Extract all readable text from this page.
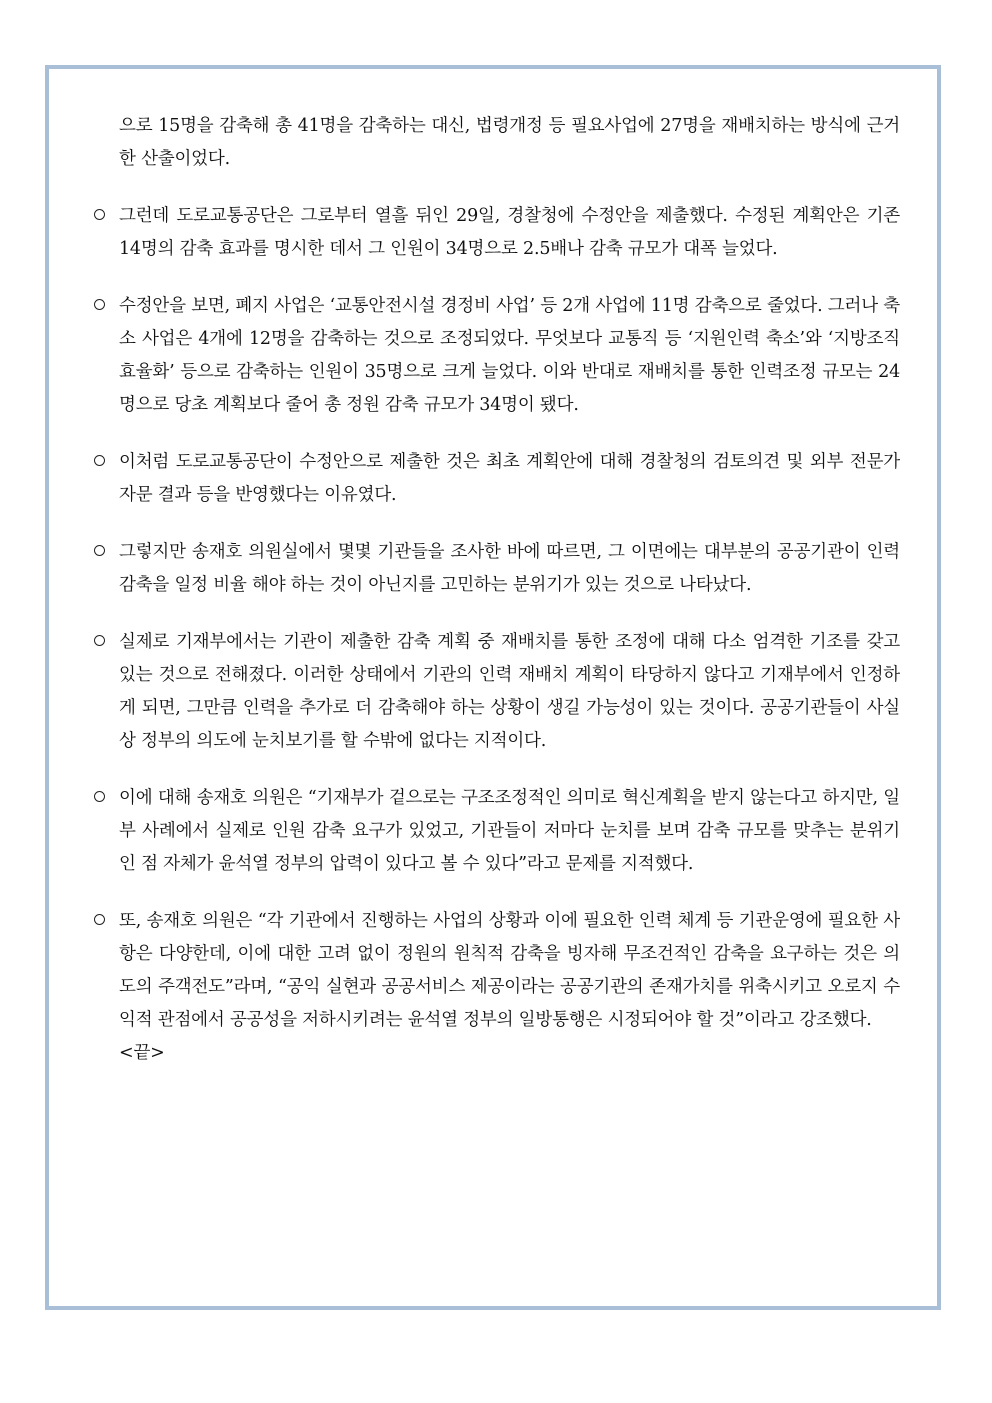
으로 15명을 감축해 총 41명을 감축하는 대신, 법령개정 등 필요사업에 27명을 재배치하는 방식에 근거한 산출이었다.

그런데 도로교통공단은 그로부터 열흘 뒤인 29일, 경찰청에 수정안을 제출했다. 수정된 계획안은 기존 14명의 감축 효과를 명시한 데서 그 인원이 34명으로 2.5배나 감축 규모가 대폭 늘었다.

수정안을 보면, 폐지 사업은 ‘교통안전시설 경정비 사업’ 등 2개 사업에 11명 감축으로 줄었다. 그러나 축소 사업은 4개에 12명을 감축하는 것으로 조정되었다. 무엇보다 교통직 등 ‘지원인력 축소’와 ‘지방조직 효율화’ 등으로 감축하는 인원이 35명으로 크게 늘었다. 이와 반대로 재배치를 통한 인력조정 규모는 24명으로 당초 계획보다 줄어 총 정원 감축 규모가 34명이 됐다.

이처럼 도로교통공단이 수정안으로 제출한 것은 최초 계획안에 대해 경찰청의 검토의견 및 외부 전문가 자문 결과 등을 반영했다는 이유였다.

그렇지만 송재호 의원실에서 몇몇 기관들을 조사한 바에 따르면, 그 이면에는 대부분의 공공기관이 인력 감축을 일정 비율 해야 하는 것이 아닌지를 고민하는 분위기가 있는 것으로 나타났다.

실제로 기재부에서는 기관이 제출한 감축 계획 중 재배치를 통한 조정에 대해 다소 엄격한 기조를 갖고 있는 것으로 전해졌다. 이러한 상태에서 기관의 인력 재배치 계획이 타당하지 않다고 기재부에서 인정하게 되면, 그만큼 인력을 추가로 더 감축해야 하는 상황이 생길 가능성이 있는 것이다. 공공기관들이 사실상 정부의 의도에 눈치보기를 할 수밖에 없다는 지적이다.

이에 대해 송재호 의원은 “기재부가 겉으로는 구조조정적인 의미로 혁신계획을 받지 않는다고 하지만, 일부 사례에서 실제로 인원 감축 요구가 있었고, 기관들이 저마다 눈치를 보며 감축 규모를 맞추는 분위기인 점 자체가 윤석열 정부의 압력이 있다고 볼 수 있다”라고 문제를 지적했다.

또, 송재호 의원은 “각 기관에서 진행하는 사업의 상황과 이에 필요한 인력 체계 등 기관운영에 필요한 사항은 다양한데, 이에 대한 고려 없이 정원의 원칙적 감축을 빙자해 무조건적인 감축을 요구하는 것은 의도의 주객전도”라며, “공익 실현과 공공서비스 제공이라는 공공기관의 존재가치를 위축시키고 오로지 수익적 관점에서 공공성을 저하시키려는 윤석열 정부의 일방통행은 시정되어야 할 것”이라고 강조했다.
<끝>
